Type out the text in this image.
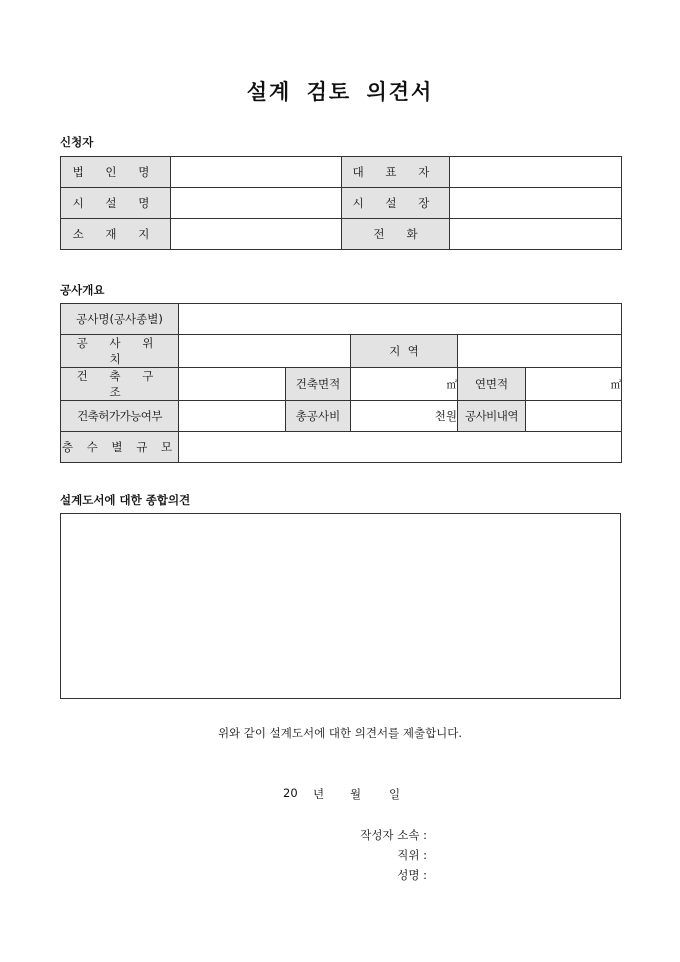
설계 검토 의견서
신청자
법 인 명		대 표 자	
시 설 명		시 설 장	
소 재 지		전      화	
공사개요
공사명(공사종별)					
공 사 위 치			지  역		
건 축 구 조		건축면적	㎡	연면적	㎡
건축허가가능여부		총공사비	천원	공사비내역	
층 수 별 규 모					
설계도서에 대한 종합의견
위와 같이 설계도서에 대한 의견서를 제출합니다.
20 년 월 일
작성자 소속 :
직위 :
성명 :
